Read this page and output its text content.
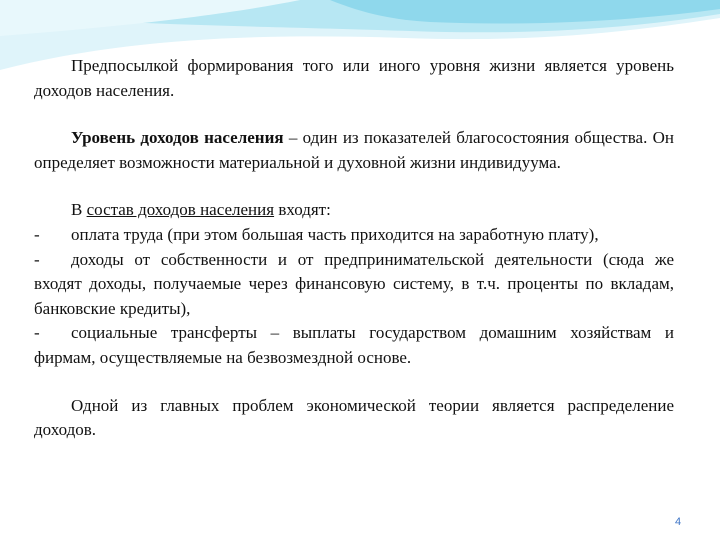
Предпосылкой формирования того или иного уровня жизни является уровень доходов населения.

Уровень доходов населения – один из показателей благосостояния общества. Он определяет возможности материальной и духовной жизни индивидуума.

В состав доходов населения входят:

- оплата труда (при этом большая часть приходится на заработную плату),

- доходы от собственности и от предпринимательской деятельности (сюда же входят доходы, получаемые через финансовую систему, в т.ч. проценты по вкладам, банковские кредиты),

- социальные трансферты – выплаты государством домашним хозяйствам и фирмам, осуществляемые на безвозмездной основе.

Одной из главных проблем экономической теории является распределение доходов.

4
